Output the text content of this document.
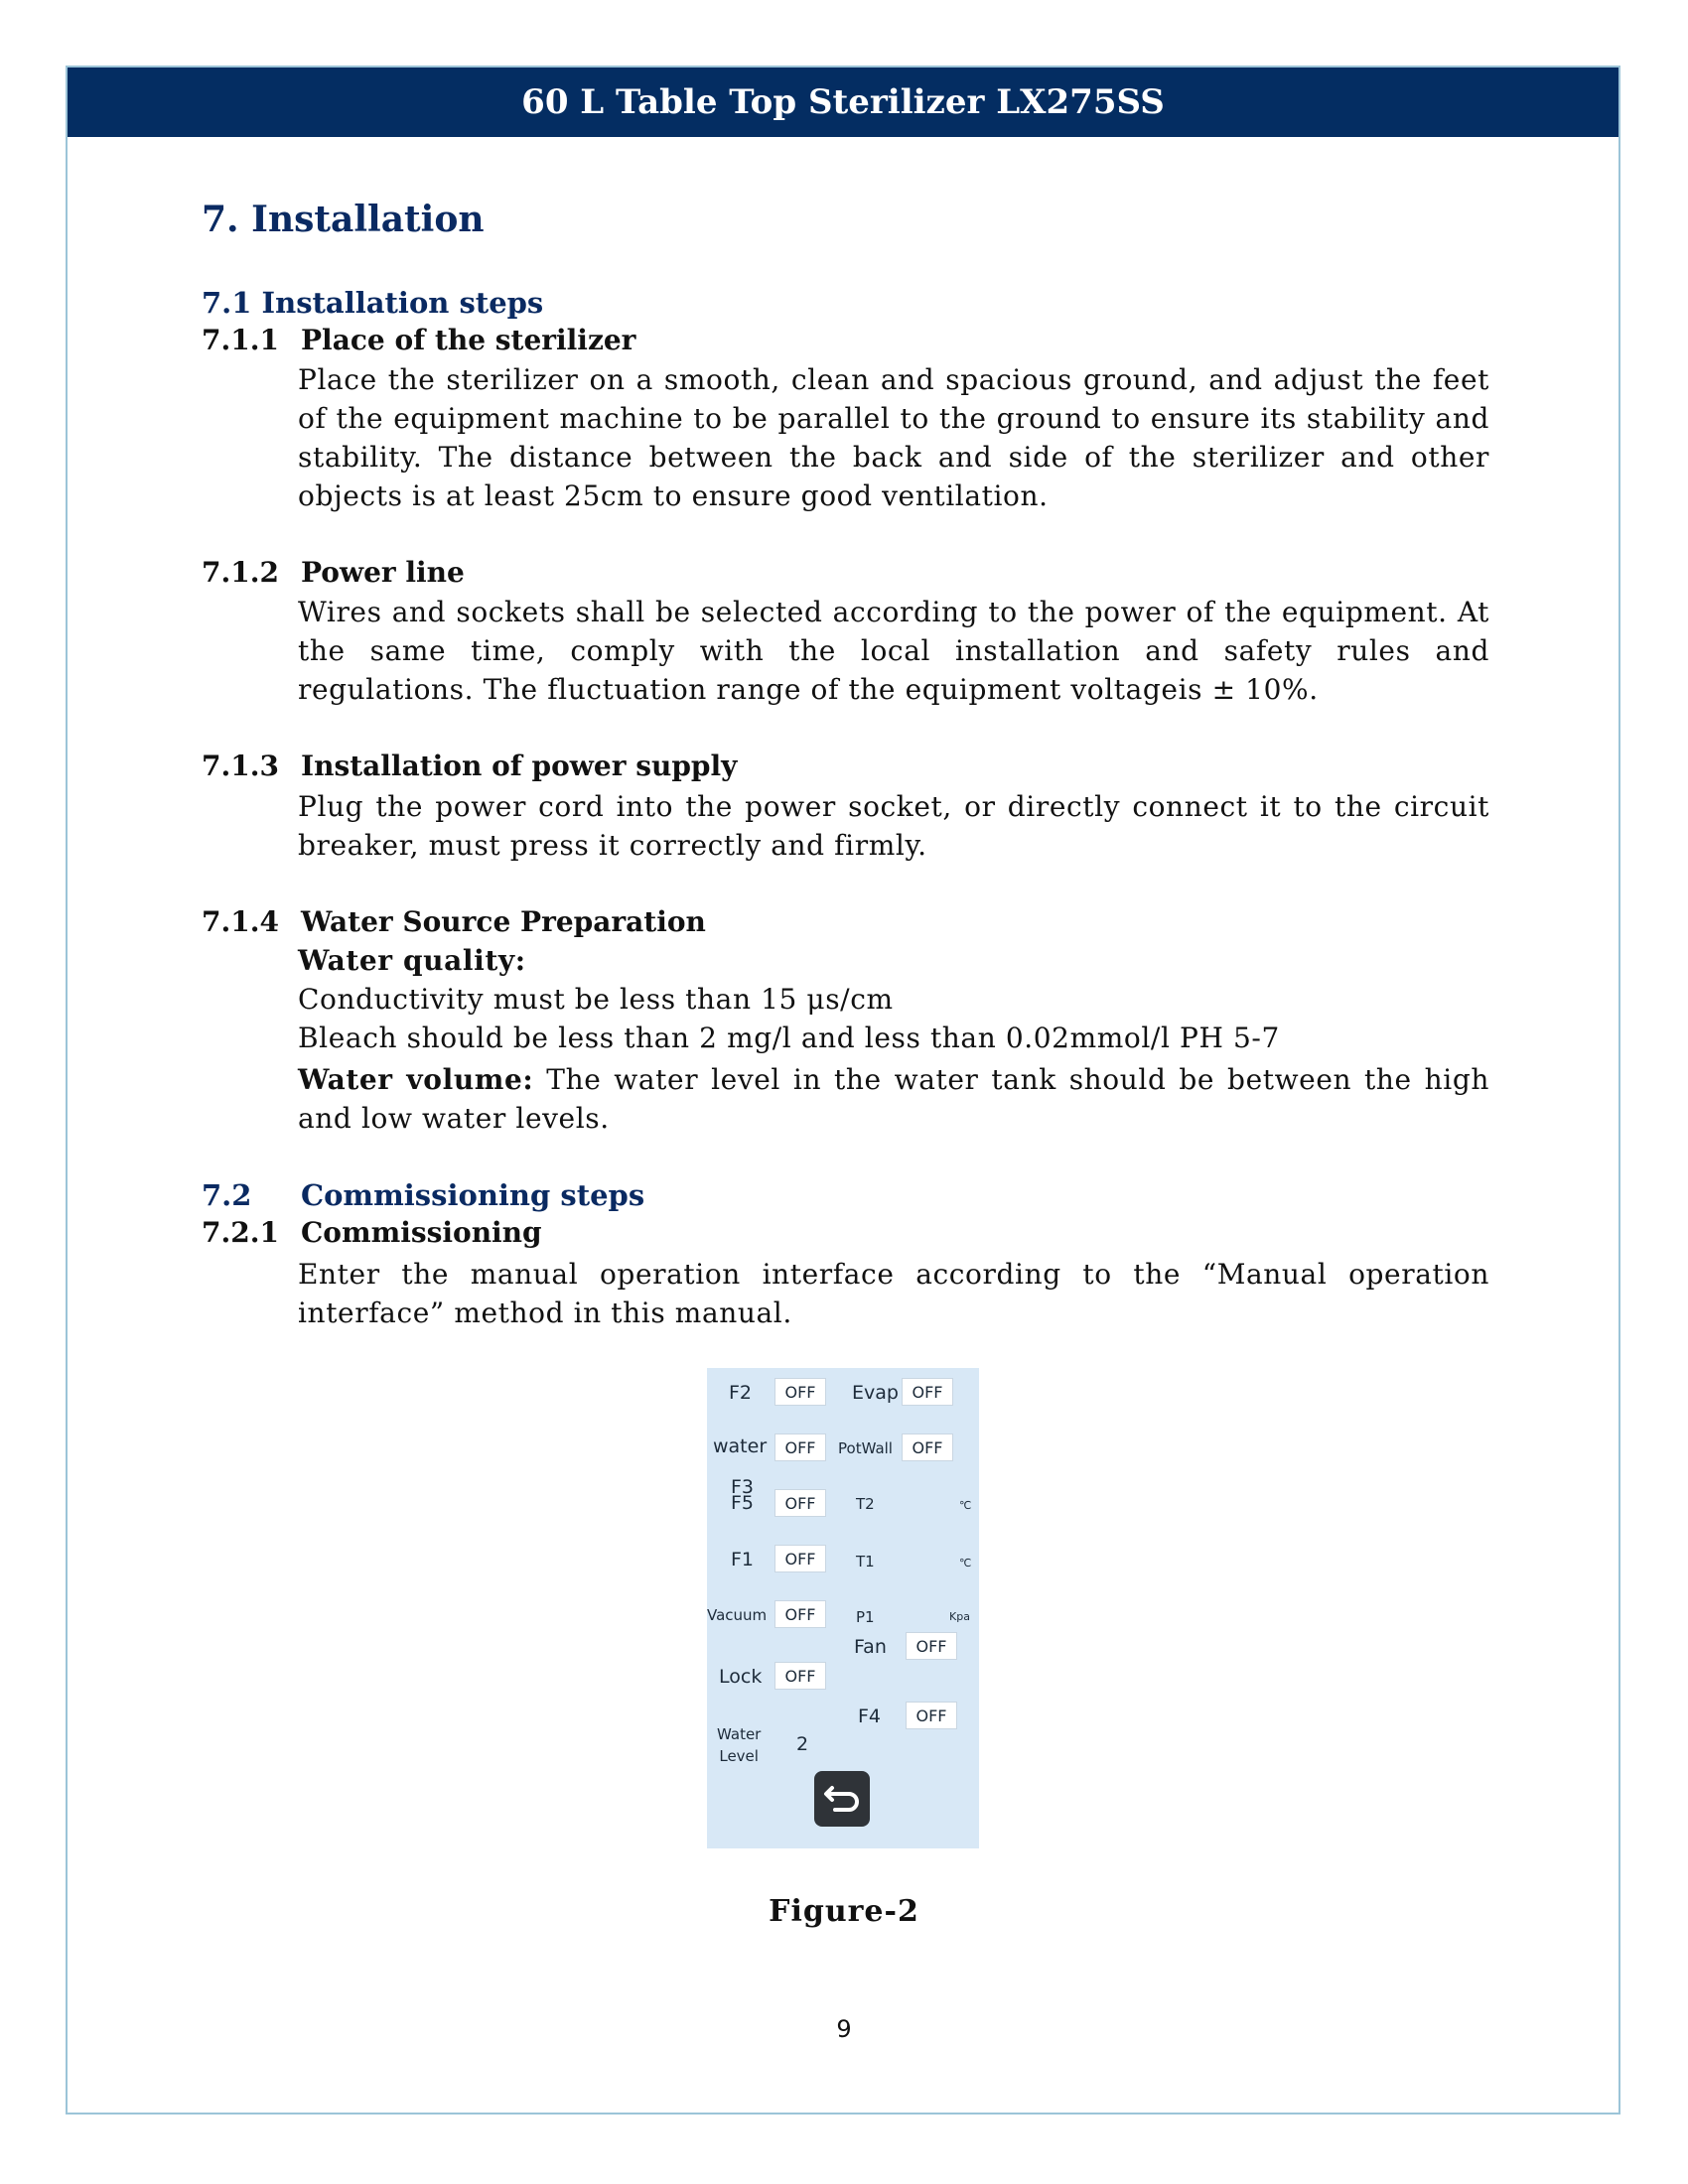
60 L Table Top Sterilizer LX275SS
7. Installation
7.1 Installation steps
7.1.1 Place of the sterilizer
Place the sterilizer on a smooth, clean and spacious ground, and adjust the feet of the equipment machine to be parallel to the ground to ensure its stability and stability. The distance between the back and side of the sterilizer and other objects is at least 25cm to ensure good ventilation.
7.1.2 Power line
Wires and sockets shall be selected according to the power of the equipment. At the same time, comply with the local installation and safety rules and regulations. The fluctuation range of the equipment voltageis ± 10%.
7.1.3 Installation of power supply
Plug the power cord into the power socket, or directly connect it to the circuit breaker, must press it correctly and firmly.
7.1.4 Water Source Preparation
Water quality:
Conductivity must be less than 15 μs/cm
Bleach should be less than 2 mg/l and less than 0.02mmol/l PH 5-7
Water volume: The water level in the water tank should be between the high and low water levels.
7.2 Commissioning steps
7.2.1 Commissioning
Enter the manual operation interface according to the “Manual operation interface” method in this manual.
F2	OFF	Evap OFF
water	OFF	PotWall	OFF
F3
F5	OFF	T2	℃
F1	OFF	T1	℃
Vacuum	OFF	P1	Kpa
Fan	OFF
Lock	OFF
F4	OFF
Water
Level
2
Figure-2
9
